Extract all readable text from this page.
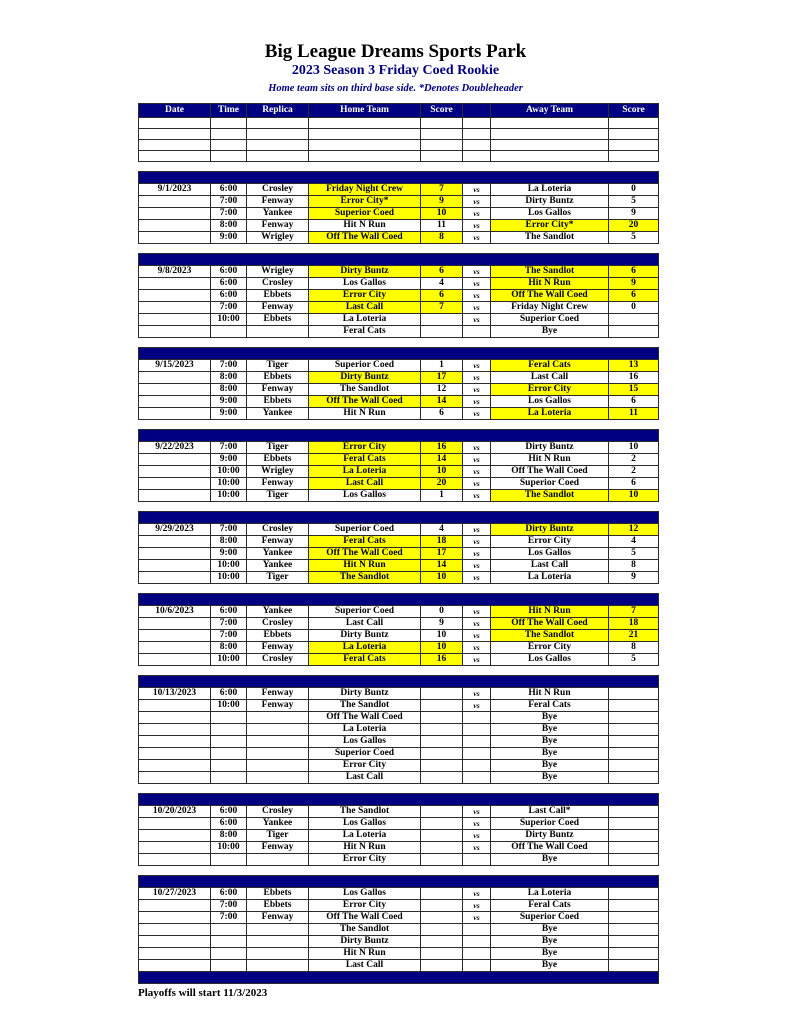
Big League Dreams Sports Park
2023 Season 3 Friday Coed Rookie
Home team sits on third base side. *Denotes Doubleheader
Date	Time	Replica	Home Team	Score		Away Team	Score

9/1/2023	6:00	Crosley	Friday Night Crew	7	vs	La Loteria	0
	7:00	Fenway	Error City*	9	vs	Dirty Buntz	5
	7:00	Yankee	Superior Coed	10	vs	Los Gallos	9
	8:00	Fenway	Hit N Run	11	vs	Error City*	20
	9:00	Wrigley	Off The Wall Coed	8	vs	The Sandlot	5

9/8/2023	6:00	Wrigley	Dirty Buntz	6	vs	The Sandlot	6
	6:00	Crosley	Los Gallos	4	vs	Hit N Run	9
	6:00	Ebbets	Error City	6	vs	Off The Wall Coed	6
	7:00	Fenway	Last Call	7	vs	Friday Night Crew	0
	10:00	Ebbets	La Loteria		vs	Superior Coed	
			Feral Cats			Bye	

9/15/2023	7:00	Tiger	Superior Coed	1	vs	Feral Cats	13
	8:00	Ebbets	Dirty Buntz	17	vs	Last Call	16
	8:00	Fenway	The Sandlot	12	vs	Error City	15
	9:00	Ebbets	Off The Wall Coed	14	vs	Los Gallos	6
	9:00	Yankee	Hit N Run	6	vs	La Loteria	11

9/22/2023	7:00	Tiger	Error City	16	vs	Dirty Buntz	10
	9:00	Ebbets	Feral Cats	14	vs	Hit N Run	2
	10:00	Wrigley	La Loteria	10	vs	Off The Wall Coed	2
	10:00	Fenway	Last Call	20	vs	Superior Coed	6
	10:00	Tiger	Los Gallos	1	vs	The Sandlot	10

9/29/2023	7:00	Crosley	Superior Coed	4	vs	Dirty Buntz	12
	8:00	Fenway	Feral Cats	18	vs	Error City	4
	9:00	Yankee	Off The Wall Coed	17	vs	Los Gallos	5
	10:00	Yankee	Hit N Run	14	vs	Last Call	8
	10:00	Tiger	The Sandlot	10	vs	La Loteria	9

10/6/2023	6:00	Yankee	Superior Coed	0	vs	Hit N Run	7
	7:00	Crosley	Last Call	9	vs	Off The Wall Coed	18
	7:00	Ebbets	Dirty Buntz	10	vs	The Sandlot	21
	8:00	Fenway	La Loteria	10	vs	Error City	8
	10:00	Crosley	Feral Cats	16	vs	Los Gallos	5

10/13/2023	6:00	Fenway	Dirty Buntz		vs	Hit N Run	
	10:00	Fenway	The Sandlot		vs	Feral Cats	
			Off The Wall Coed			Bye	
			La Loteria			Bye	
			Los Gallos			Bye	
			Superior Coed			Bye	
			Error City			Bye	
			Last Call			Bye	

10/20/2023	6:00	Crosley	The Sandlot		vs	Last Call*	
	6:00	Yankee	Los Gallos		vs	Superior Coed	
	8:00	Tiger	La Loteria		vs	Dirty Buntz	
	10:00	Fenway	Hit N Run		vs	Off The Wall Coed	
			Error City			Bye	

10/27/2023	6:00	Ebbets	Los Gallos		vs	La Loteria	
	7:00	Ebbets	Error City		vs	Feral Cats	
	7:00	Fenway	Off The Wall Coed		vs	Superior Coed	
			The Sandlot			Bye	
			Dirty Buntz			Bye	
			Hit N Run			Bye	
			Last Call			Bye	

Playoffs will start 11/3/2023
